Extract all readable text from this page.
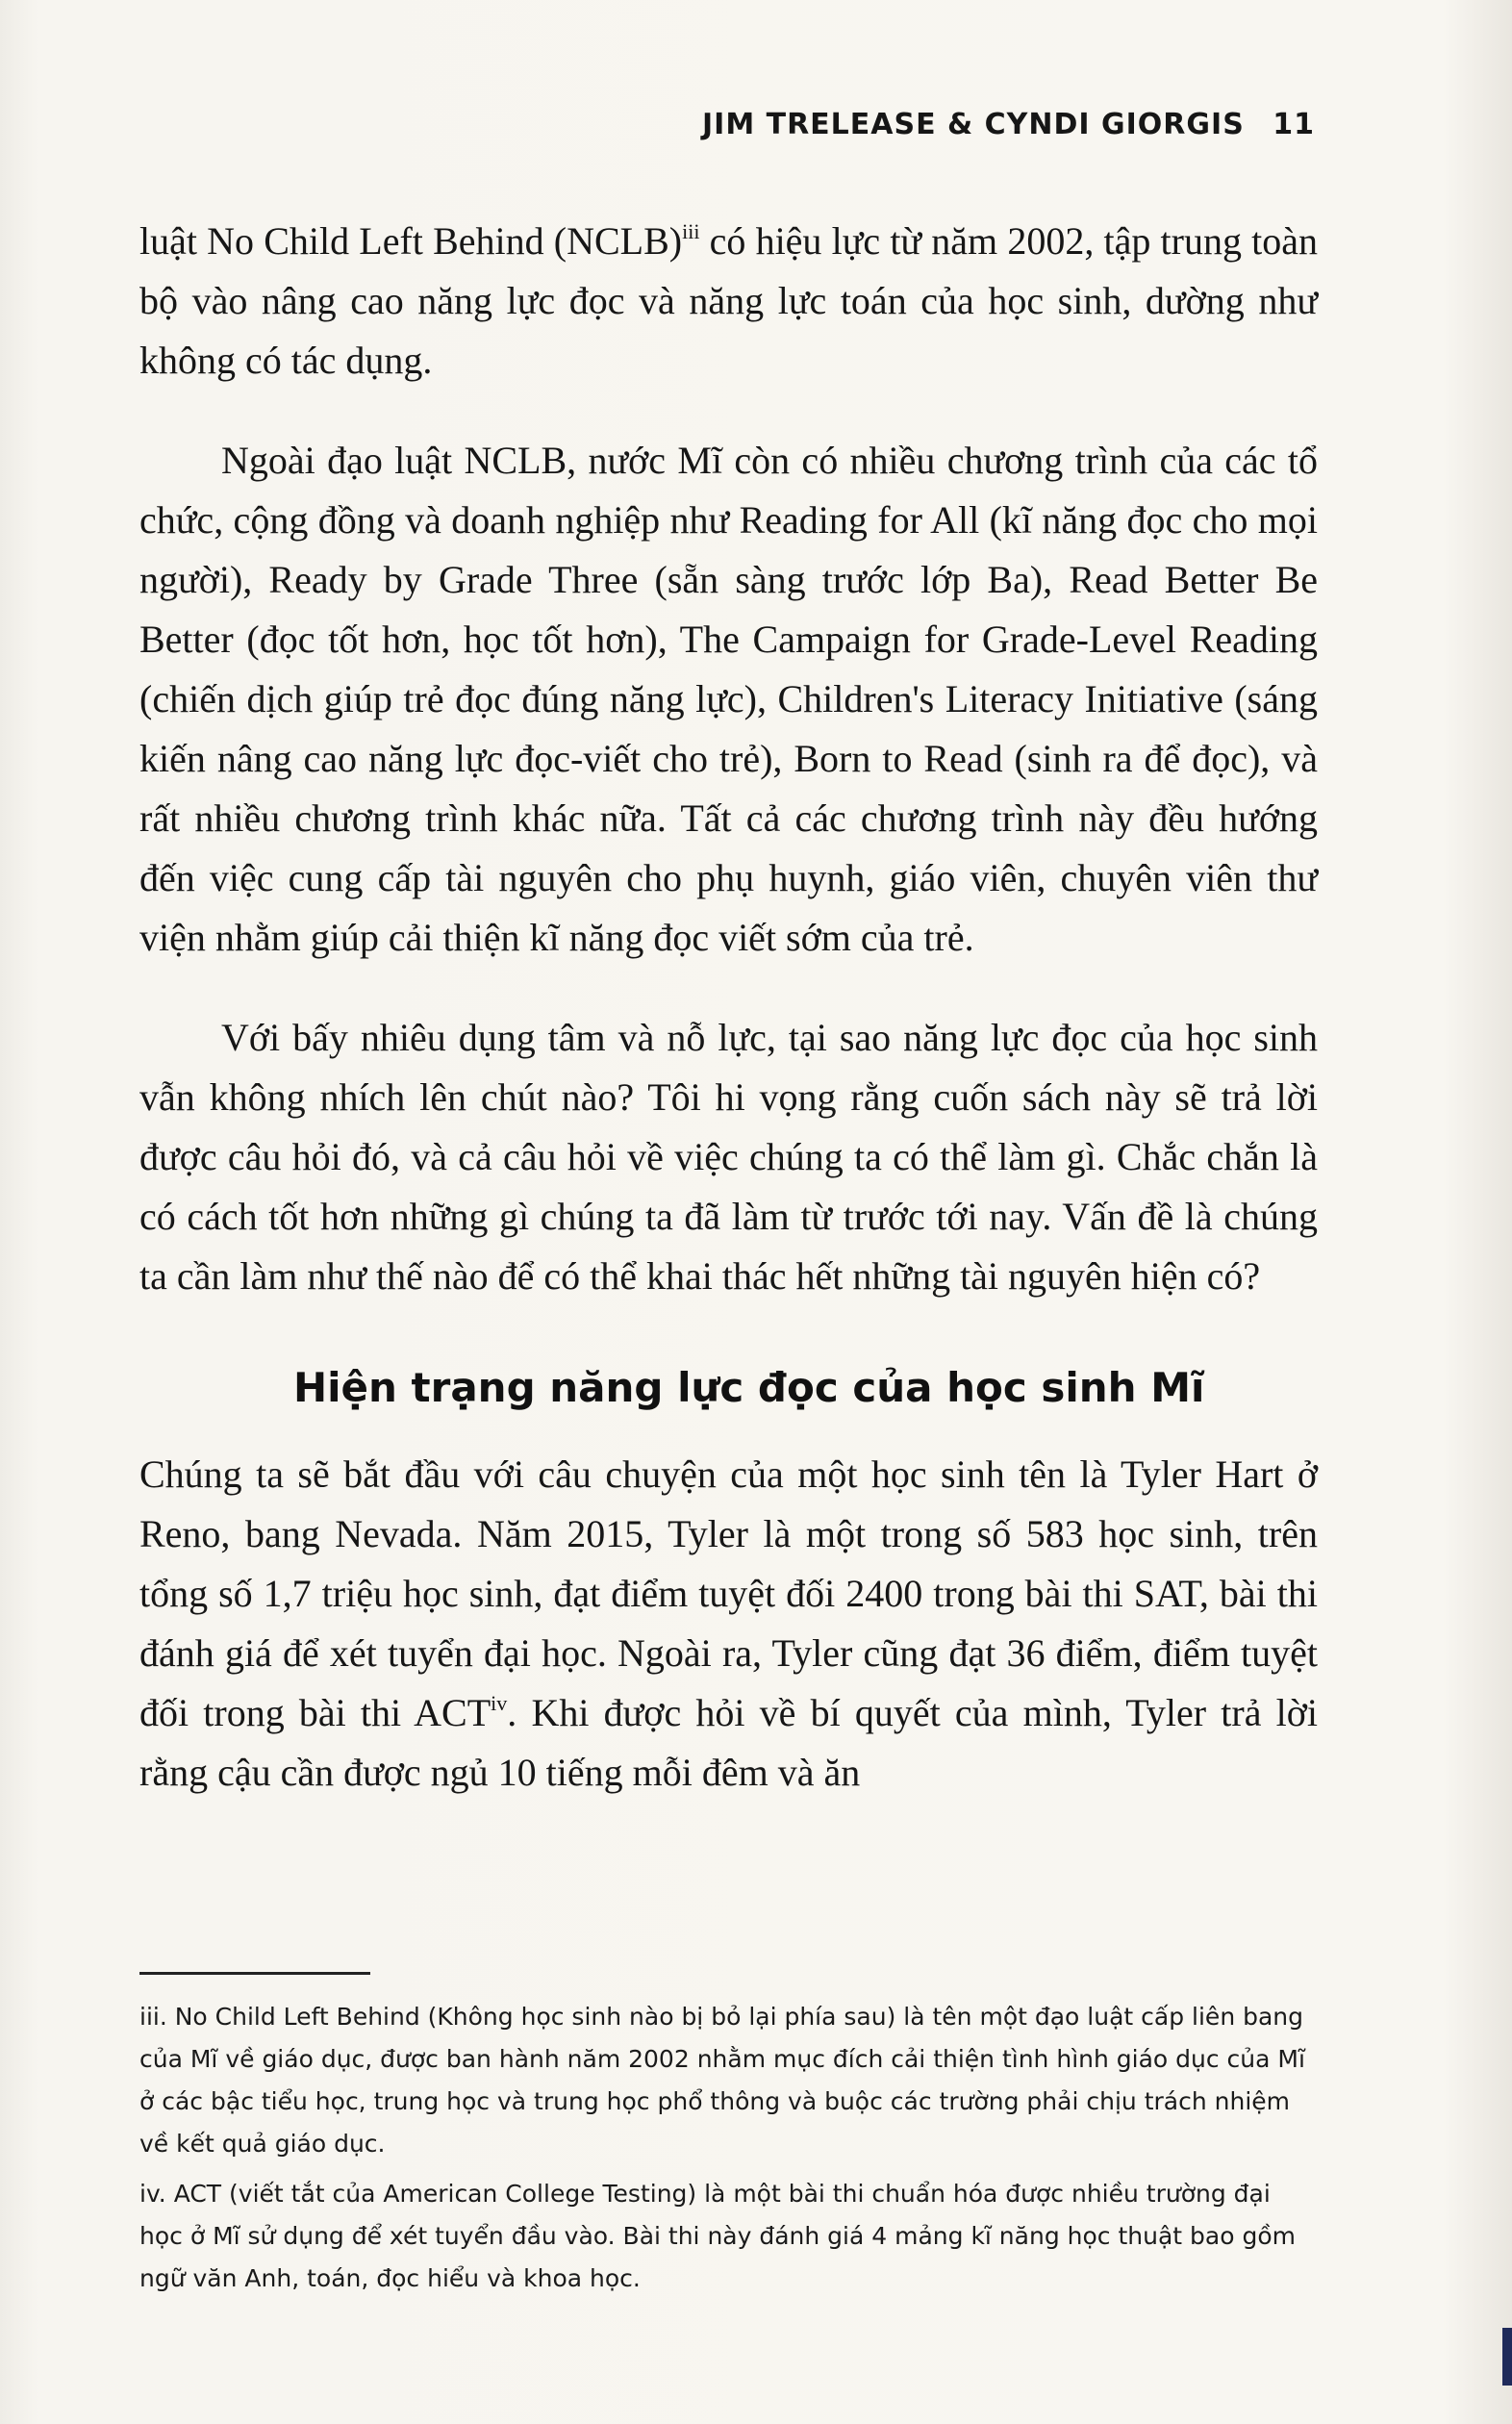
JIM TRELEASE & CYNDI GIORGIS 11

luật No Child Left Behind (NCLB)$^{iii}$ có hiệu lực từ năm 2002, tập trung toàn bộ vào nâng cao năng lực đọc và năng lực toán của học sinh, dường như không có tác dụng.

Ngoài đạo luật NCLB, nước Mĩ còn có nhiều chương trình của các tổ chức, cộng đồng và doanh nghiệp như Reading for All (kĩ năng đọc cho mọi người), Ready by Grade Three (sẵn sàng trước lớp Ba), Read Better Be Better (đọc tốt hơn, học tốt hơn), The Campaign for Grade-Level Reading (chiến dịch giúp trẻ đọc đúng năng lực), Children's Literacy Initiative (sáng kiến nâng cao năng lực đọc-viết cho trẻ), Born to Read (sinh ra để đọc), và rất nhiều chương trình khác nữa. Tất cả các chương trình này đều hướng đến việc cung cấp tài nguyên cho phụ huynh, giáo viên, chuyên viên thư viện nhằm giúp cải thiện kĩ năng đọc viết sớm của trẻ.

Với bấy nhiêu dụng tâm và nỗ lực, tại sao năng lực đọc của học sinh vẫn không nhích lên chút nào? Tôi hi vọng rằng cuốn sách này sẽ trả lời được câu hỏi đó, và cả câu hỏi về việc chúng ta có thể làm gì. Chắc chắn là có cách tốt hơn những gì chúng ta đã làm từ trước tới nay. Vấn đề là chúng ta cần làm như thế nào để có thể khai thác hết những tài nguyên hiện có?

Hiện trạng năng lực đọc của học sinh Mĩ

Chúng ta sẽ bắt đầu với câu chuyện của một học sinh tên là Tyler Hart ở Reno, bang Nevada. Năm 2015, Tyler là một trong số 583 học sinh, trên tổng số 1,7 triệu học sinh, đạt điểm tuyệt đối 2400 trong bài thi SAT, bài thi đánh giá để xét tuyển đại học. Ngoài ra, Tyler cũng đạt 36 điểm, điểm tuyệt đối trong bài thi ACT$^{iv}$. Khi được hỏi về bí quyết của mình, Tyler trả lời rằng cậu cần được ngủ 10 tiếng mỗi đêm và ăn

iii. No Child Left Behind (Không học sinh nào bị bỏ lại phía sau) là tên một đạo luật cấp liên bang của Mĩ về giáo dục, được ban hành năm 2002 nhằm mục đích cải thiện tình hình giáo dục của Mĩ ở các bậc tiểu học, trung học và trung học phổ thông và buộc các trường phải chịu trách nhiệm về kết quả giáo dục.

iv. ACT (viết tắt của American College Testing) là một bài thi chuẩn hóa được nhiều trường đại học ở Mĩ sử dụng để xét tuyển đầu vào. Bài thi này đánh giá 4 mảng kĩ năng học thuật bao gồm ngữ văn Anh, toán, đọc hiểu và khoa học.
